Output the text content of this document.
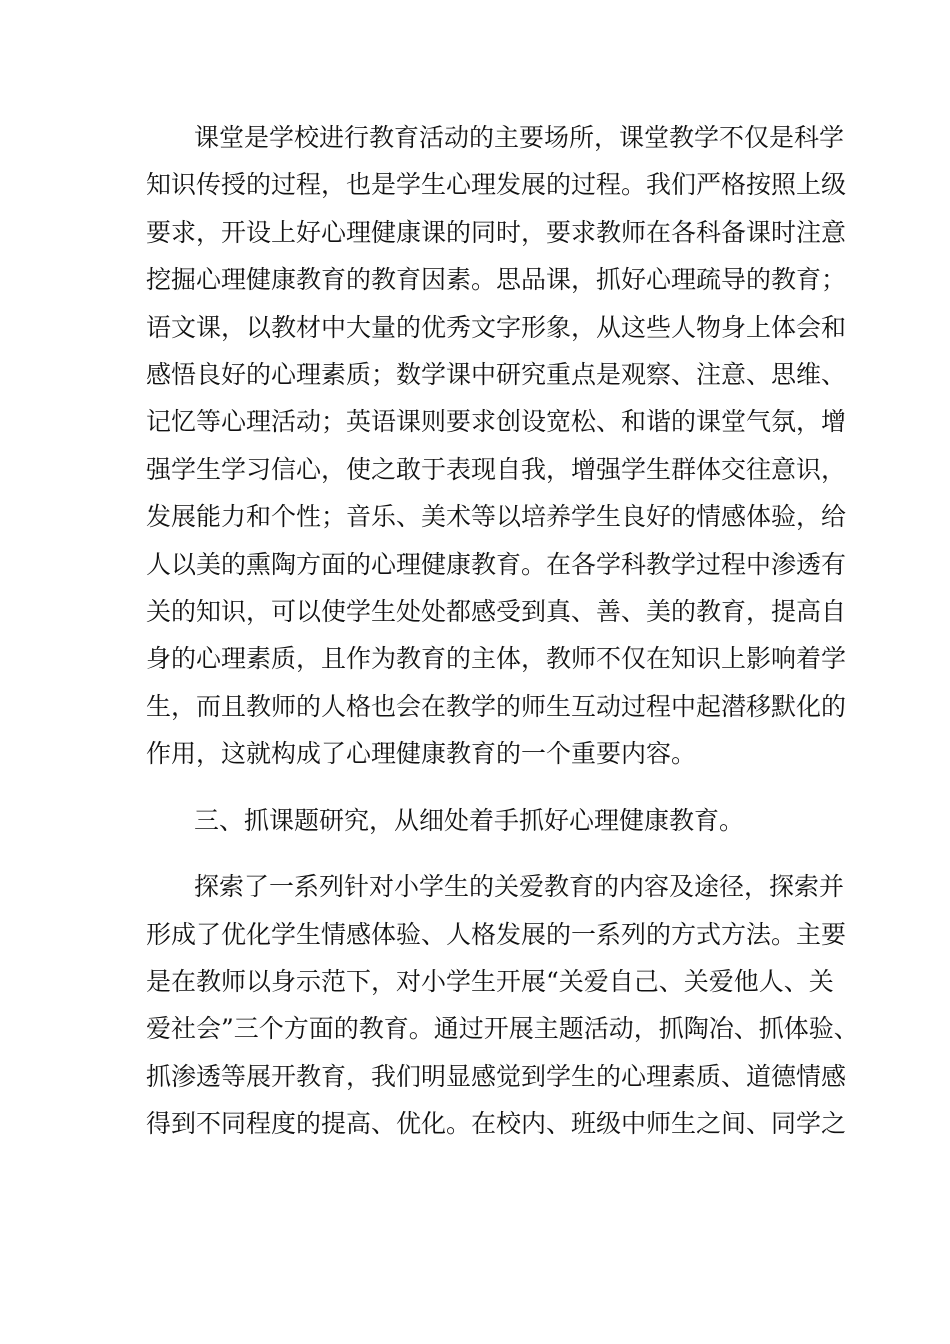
课堂是学校进行教育活动的主要场所，课堂教学不仅是科学
知识传授的过程，也是学生心理发展的过程。我们严格按照上级
要求，开设上好心理健康课的同时，要求教师在各科备课时注意
挖掘心理健康教育的教育因素。思品课，抓好心理疏导的教育；
语文课，以教材中大量的优秀文字形象，从这些人物身上体会和
感悟良好的心理素质；数学课中研究重点是观察、注意、思维、
记忆等心理活动；英语课则要求创设宽松、和谐的课堂气氛，增
强学生学习信心，使之敢于表现自我，增强学生群体交往意识，
发展能力和个性；音乐、美术等以培养学生良好的情感体验，给
人以美的熏陶方面的心理健康教育。在各学科教学过程中渗透有
关的知识，可以使学生处处都感受到真、善、美的教育，提高自
身的心理素质，且作为教育的主体，教师不仅在知识上影响着学
生，而且教师的人格也会在教学的师生互动过程中起潜移默化的
作用，这就构成了心理健康教育的一个重要内容。
三、抓课题研究，从细处着手抓好心理健康教育。
探索了一系列针对小学生的关爱教育的内容及途径，探索并
形成了优化学生情感体验、人格发展的一系列的方式方法。主要
是在教师以身示范下，对小学生开展“关爱自己、关爱他人、关
爱社会”三个方面的教育。通过开展主题活动，抓陶冶、抓体验、
抓渗透等展开教育，我们明显感觉到学生的心理素质、道德情感
得到不同程度的提高、优化。在校内、班级中师生之间、同学之
